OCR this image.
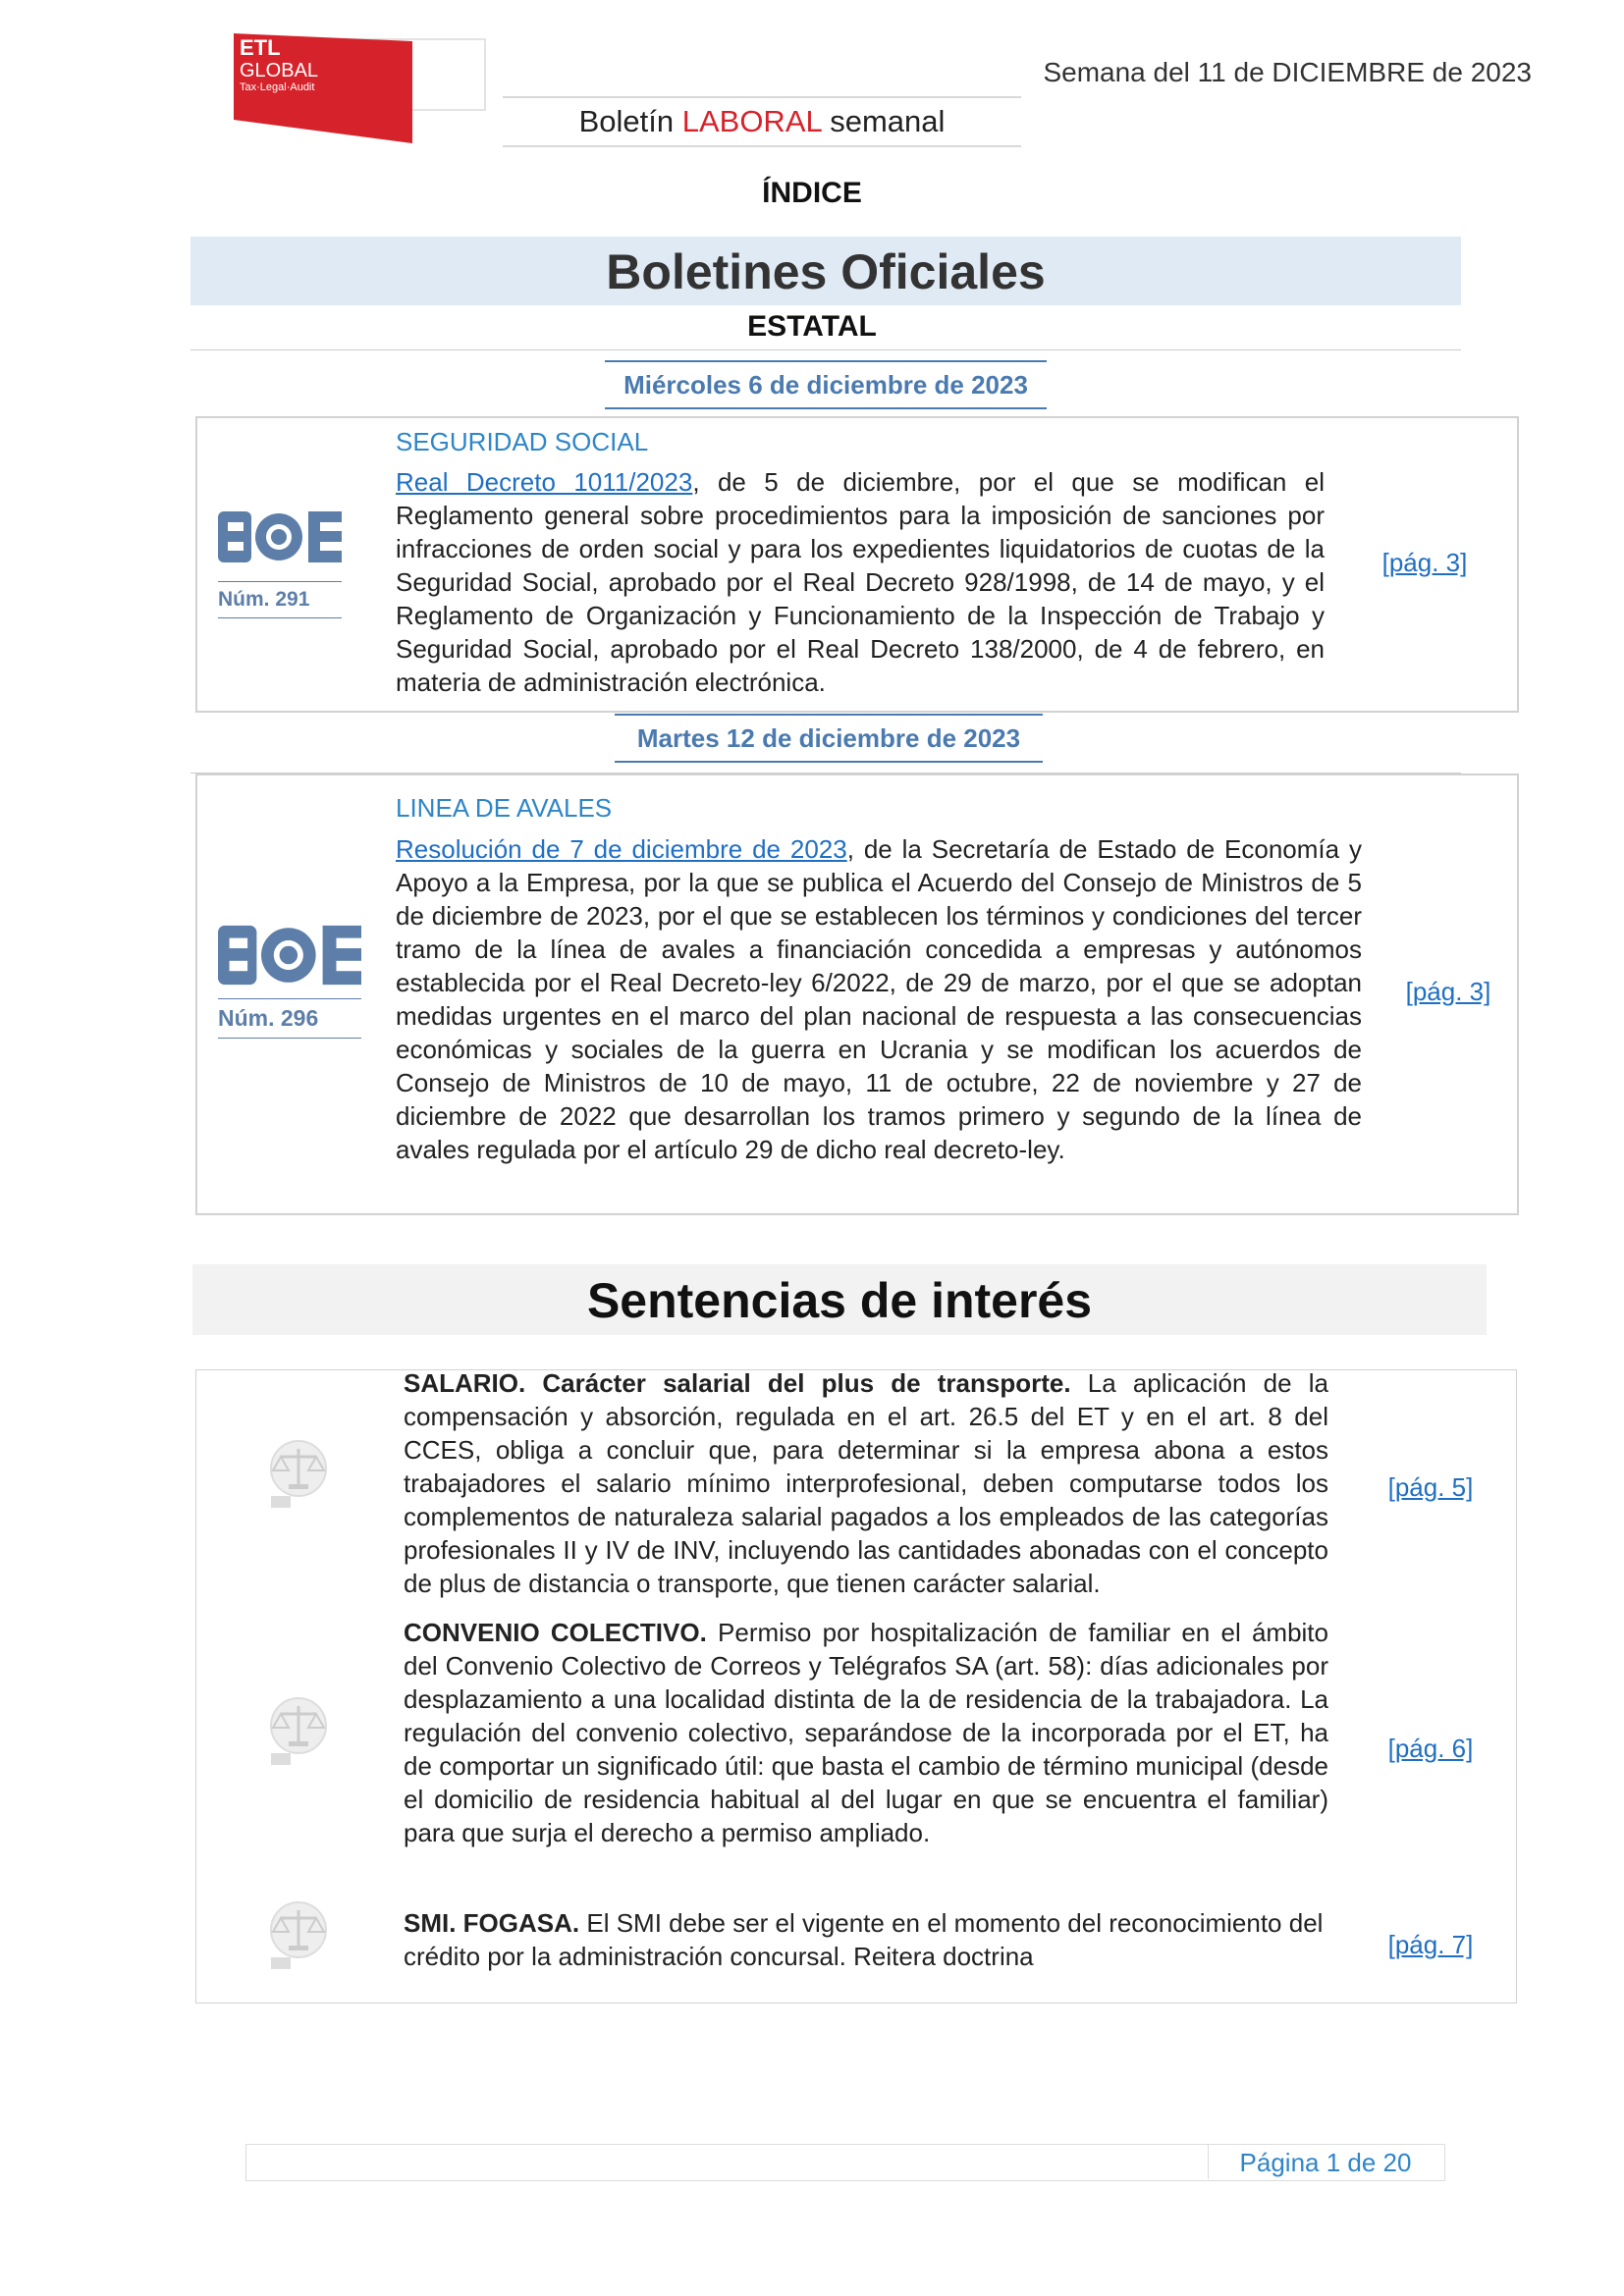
ETL
GLOBAL
Tax·Legal·Audit	Semana del 11 de DICIEMBRE de 2023
Boletín LABORAL semanal
ÍNDICE
Boletines Oficiales
ESTATAL
Miércoles 6 de diciembre de 2023
Núm. 291
SEGURIDAD SOCIAL
Real Decreto 1011/2023, de 5 de diciembre, por el que se modifican el Reglamento general sobre procedimientos para la imposición de sanciones por infracciones de orden social y para los expedientes liquidatorios de cuotas de la Seguridad Social, aprobado por el Real Decreto 928/1998, de 14 de mayo, y el Reglamento de Organización y Funcionamiento de la Inspección de Trabajo y Seguridad Social, aprobado por el Real Decreto 138/2000, de 4 de febrero, en materia de administración electrónica.
[pág. 3]
Martes 12 de diciembre de 2023
Núm. 296
LINEA DE AVALES
Resolución de 7 de diciembre de 2023, de la Secretaría de Estado de Economía y Apoyo a la Empresa, por la que se publica el Acuerdo del Consejo de Ministros de 5 de diciembre de 2023, por el que se establecen los términos y condiciones del tercer tramo de la línea de avales a financiación concedida a empresas y autónomos establecida por el Real Decreto-ley 6/2022, de 29 de marzo, por el que se adoptan medidas urgentes en el marco del plan nacional de respuesta a las consecuencias económicas y sociales de la guerra en Ucrania y se modifican los acuerdos de Consejo de Ministros de 10 de mayo, 11 de octubre, 22 de noviembre y 27 de diciembre de 2022 que desarrollan los tramos primero y segundo de la línea de avales regulada por el artículo 29 de dicho real decreto-ley.
[pág. 3]
Sentencias de interés
SALARIO. Carácter salarial del plus de transporte. La aplicación de la compensación y absorción, regulada en el art. 26.5 del ET y en el art. 8 del CCES, obliga a concluir que, para determinar si la empresa abona a estos trabajadores el salario mínimo interprofesional, deben computarse todos los complementos de naturaleza salarial pagados a los empleados de las categorías profesionales II y IV de INV, incluyendo las cantidades abonadas con el concepto de plus de distancia o transporte, que tienen carácter salarial.
[pág. 5]
CONVENIO COLECTIVO. Permiso por hospitalización de familiar en el ámbito del Convenio Colectivo de Correos y Telégrafos SA (art. 58): días adicionales por desplazamiento a una localidad distinta de la de residencia de la trabajadora. La regulación del convenio colectivo, separándose de la incorporada por el ET, ha de comportar un significado útil: que basta el cambio de término municipal (desde el domicilio de residencia habitual al del lugar en que se encuentra el familiar) para que surja el derecho a permiso ampliado.
[pág. 6]
SMI. FOGASA. El SMI debe ser el vigente en el momento del reconocimiento del crédito por la administración concursal. Reitera doctrina	[pág. 7]
Página 1 de 20
